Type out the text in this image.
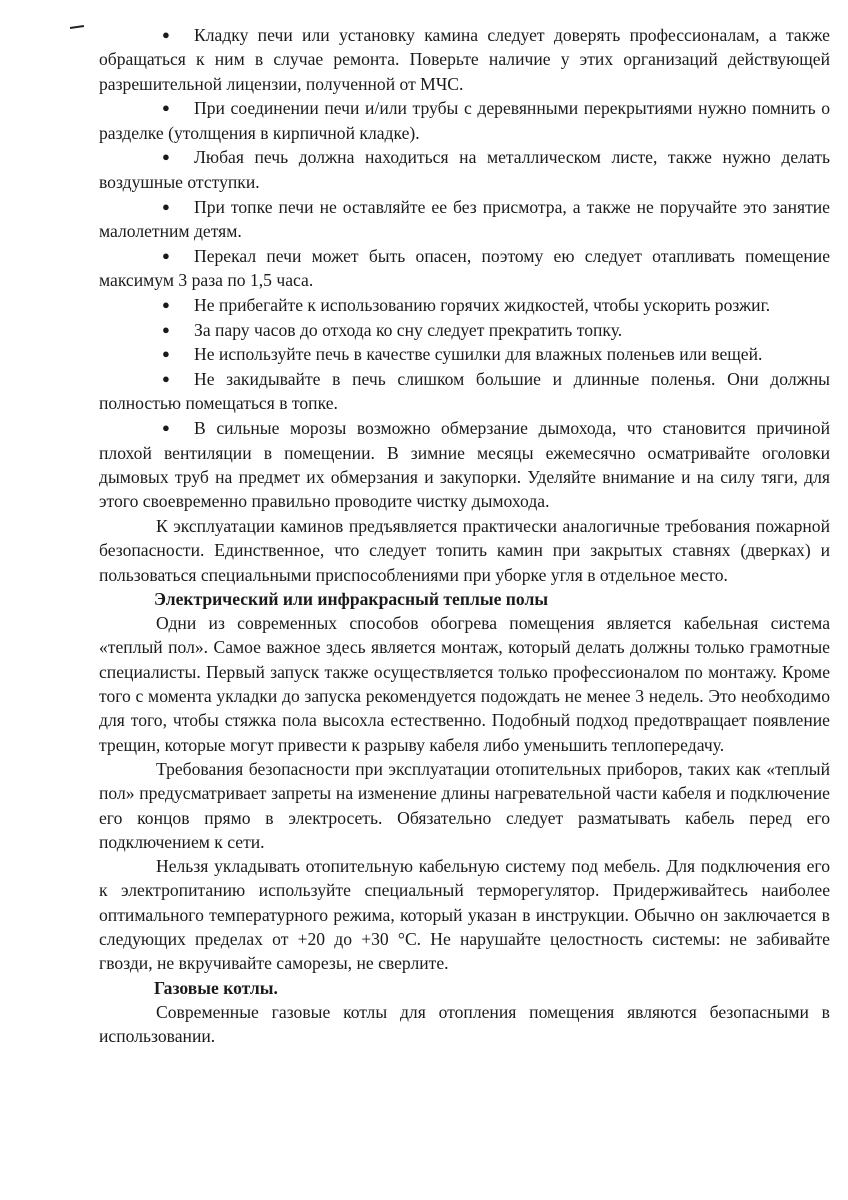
● Кладку печи или установку камина следует доверять профессионалам, а также обращаться к ним в случае ремонта. Поверьте наличие у этих организаций действующей разрешительной лицензии, полученной от МЧС.
● При соединении печи и/или трубы с деревянными перекрытиями нужно помнить о разделке (утолщения в кирпичной кладке).
● Любая печь должна находиться на металлическом листе, также нужно делать воздушные отступки.
● При топке печи не оставляйте ее без присмотра, а также не поручайте это занятие малолетним детям.
● Перекал печи может быть опасен, поэтому ею следует отапливать помещение максимум 3 раза по 1,5 часа.
● Не прибегайте к использованию горячих жидкостей, чтобы ускорить розжиг.
● За пару часов до отхода ко сну следует прекратить топку.
● Не используйте печь в качестве сушилки для влажных поленьев или вещей.
● Не закидывайте в печь слишком большие и длинные поленья. Они должны полностью помещаться в топке.
● В сильные морозы возможно обмерзание дымохода, что становится причиной плохой вентиляции в помещении. В зимние месяцы ежемесячно осматривайте оголовки дымовых труб на предмет их обмерзания и закупорки. Уделяйте внимание и на силу тяги, для этого своевременно правильно проводите чистку дымохода.

К эксплуатации каминов предъявляется практически аналогичные требования пожарной безопасности. Единственное, что следует топить камин при закрытых ставнях (дверках) и пользоваться специальными приспособлениями при уборке угля в отдельное место.

Электрический или инфракрасный теплые полы

Одни из современных способов обогрева помещения является кабельная система «теплый пол». Самое важное здесь является монтаж, который делать должны только грамотные специалисты. Первый запуск также осуществляется только профессионалом по монтажу. Кроме того с момента укладки до запуска рекомендуется подождать не менее 3 недель. Это необходимо для того, чтобы стяжка пола высохла естественно. Подобный подход предотвращает появление трещин, которые могут привести к разрыву кабеля либо уменьшить теплопередачу.

Требования безопасности при эксплуатации отопительных приборов, таких как «теплый пол» предусматривает запреты на изменение длины нагревательной части кабеля и подключение его концов прямо в электросеть. Обязательно следует разматывать кабель перед его подключением к сети.

Нельзя укладывать отопительную кабельную систему под мебель. Для подключения его к электропитанию используйте специальный терморегулятор. Придерживайтесь наиболее оптимального температурного режима, который указан в инструкции. Обычно он заключается в следующих пределах от +20 до +30 °С. Не нарушайте целостность системы: не забивайте гвозди, не вкручивайте саморезы, не сверлите.

Газовые котлы.

Современные газовые котлы для отопления помещения являются безопасными в использовании.
